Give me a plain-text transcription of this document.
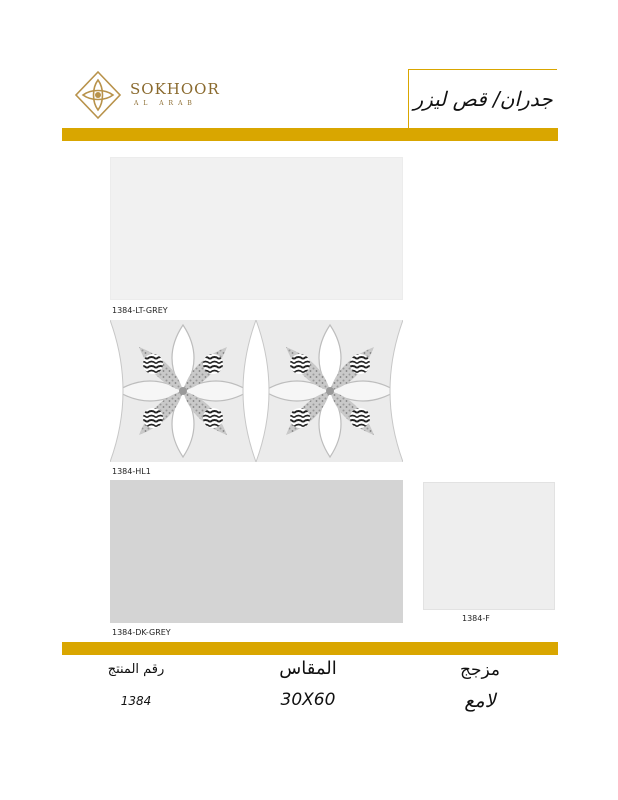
SOKHOOR
AL ARAB	جدران/ قص ليزر
1384-LT-GREY
1384-HL1
1384-DK-GREY
1384-F
رقم المنتج
1384
المقاس
30X60
مزجج
لامع
